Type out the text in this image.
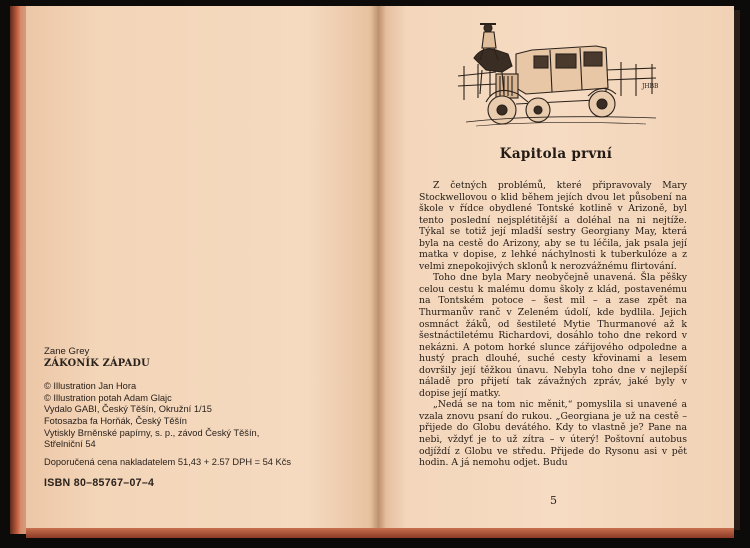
Zane Grey
ZÁKONÍK ZÁPADU
© Illustration Jan Hora
© Illustration potah Adam Glajc
Vydalo GABI, Český Těšín, Okružní 1/15
Fotosazba fa Horňák, Český Těšín
Vytiskly Brněnské papírny, s. p., závod Český Těšín,
Střelniční 54
Doporučená cena nakladatelem 51,43 + 2.57 DPH = 54 Kčs
ISBN 80–85767–07–4
JHBB
Kapitola první

Z četných problémů, které připravovaly Mary Stockwellovou o klid během jejích dvou let působení na škole v řídce obydlené Tontské kotlině v Arizoně, byl tento poslední nejsplétitější a doléhal na ni nejtíže. Týkal se totiž její mladší sestry Georgiany May, která byla na cestě do Arizony, aby se tu léčila, jak psala její matka v dopise, z lehké náchylnosti k tuberkulóze a z velmi znepokojivých sklonů k nerozvážnému flirtování.

Toho dne byla Mary neobyčejně unavená. Šla pěšky celou cestu k malému domu školy z klád, postavenému na Tontském potoce – šest mil – a zase zpět na Thurmanův ranč v Zeleném údolí, kde bydlila. Jejich osmnáct žáků, od šestileté Mytie Thurmanové až k šestnáctiletému Richardovi, dosáhlo toho dne rekord v nekázni. A potom horké slunce zářijového odpoledne a hustý prach dlouhé, suché cesty křovinami a lesem dovršily její těžkou únavu. Nebyla toho dne v nejlepší náladě pro přijetí tak závažných zpráv, jaké byly v dopise její matky.

„Nedá se na tom nic měnit,“ pomyslila si unavené a vzala znovu psaní do rukou. „Georgiana je už na cestě – přijede do Globu devátého. Kdy to vlastně je? Pane na nebi, vždyť je to už zítra – v úterý! Poštovní autobus odjíždí z Globu ve středu. Přijede do Rysonu asi v pět hodin. A já nemohu odjet. Budu

5
